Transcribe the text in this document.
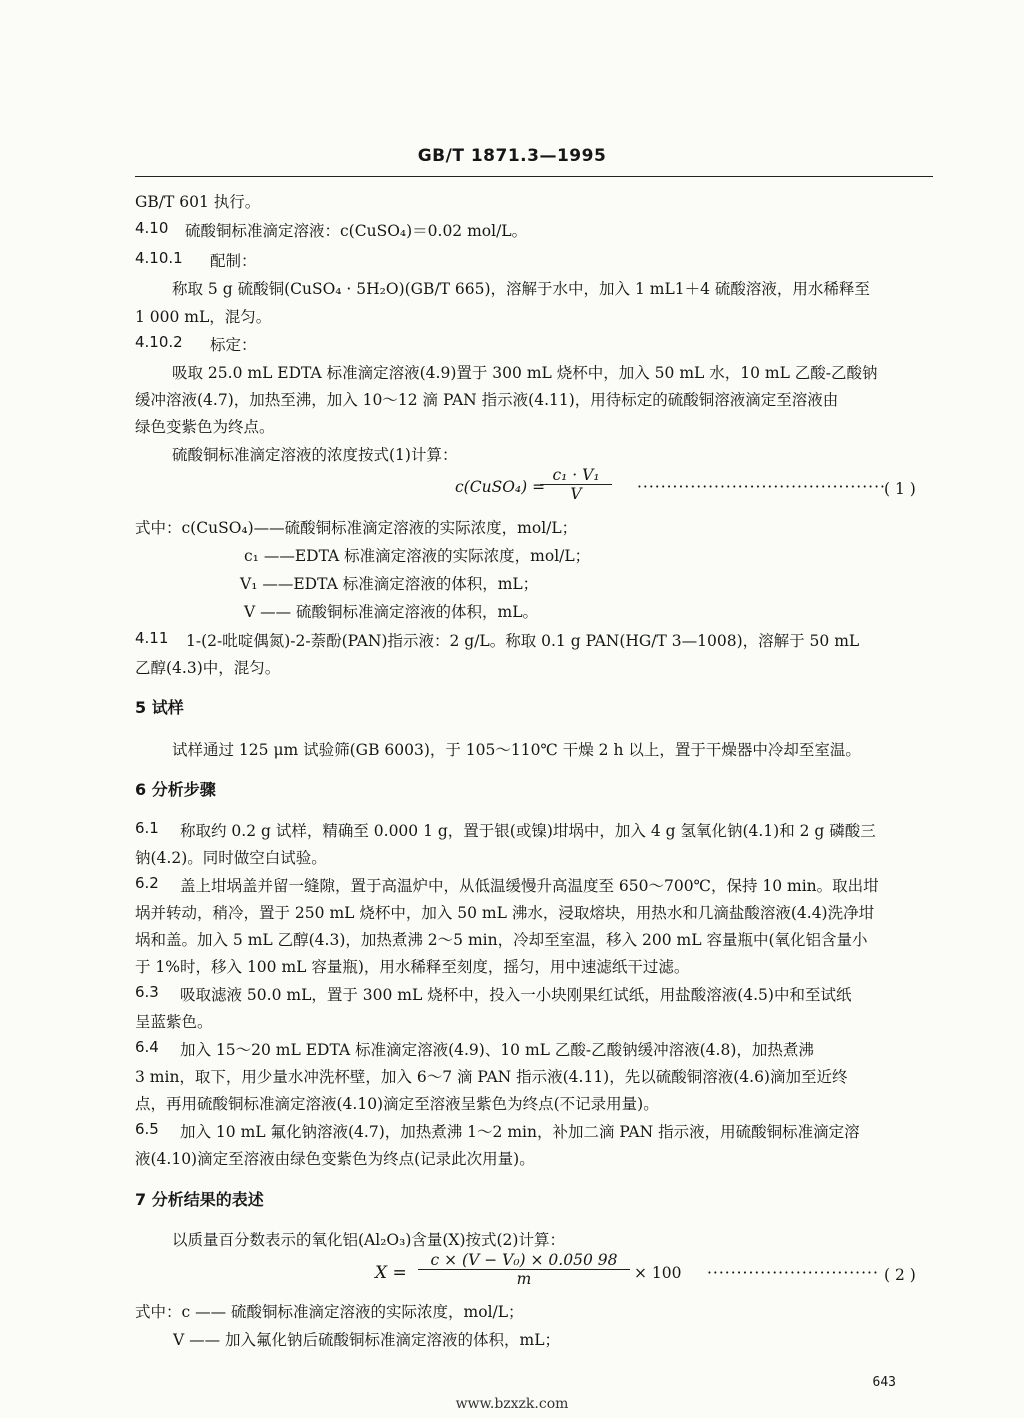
GB/T 1871.3—1995
GB/T 601 执行。
4.10 硫酸铜标准滴定溶液：c(CuSO₄)＝0.02 mol/L。
4.10.1 配制：
称取 5 g 硫酸铜(CuSO₄ · 5H₂O)(GB/T 665)，溶解于水中，加入 1 mL1＋4 硫酸溶液，用水稀释至
1 000 mL，混匀。
4.10.2 标定：
吸取 25.0 mL EDTA 标准滴定溶液(4.9)置于 300 mL 烧杯中，加入 50 mL 水，10 mL 乙酸-乙酸钠
缓冲溶液(4.7)，加热至沸，加入 10～12 滴 PAN 指示液(4.11)，用待标定的硫酸铜溶液滴定至溶液由
绿色变紫色为终点。
硫酸铜标准滴定溶液的浓度按式(1)计算：
c(CuSO₄) =
c₁ · V₁
V	··········································
( 1 )
式中：c(CuSO₄)——硫酸铜标准滴定溶液的实际浓度，mol/L；
c₁ ——EDTA 标准滴定溶液的实际浓度，mol/L；
V₁ ——EDTA 标准滴定溶液的体积，mL；
V —— 硫酸铜标准滴定溶液的体积，mL。
4.11 1-(2-吡啶偶氮)-2-萘酚(PAN)指示液：2 g/L。称取 0.1 g PAN(HG/T 3—1008)，溶解于 50 mL
乙醇(4.3)中，混匀。
5 试样
试样通过 125 μm 试验筛(GB 6003)，于 105～110℃ 干燥 2 h 以上，置于干燥器中冷却至室温。
6 分析步骤
6.1 称取约 0.2 g 试样，精确至 0.000 1 g，置于银(或镍)坩埚中，加入 4 g 氢氧化钠(4.1)和 2 g 磷酸三
钠(4.2)。同时做空白试验。
6.2 盖上坩埚盖并留一缝隙，置于高温炉中，从低温缓慢升高温度至 650～700℃，保持 10 min。取出坩
埚并转动，稍冷，置于 250 mL 烧杯中，加入 50 mL 沸水，浸取熔块，用热水和几滴盐酸溶液(4.4)洗净坩
埚和盖。加入 5 mL 乙醇(4.3)，加热煮沸 2～5 min，冷却至室温，移入 200 mL 容量瓶中(氧化铝含量小
于 1%时，移入 100 mL 容量瓶)，用水稀释至刻度，摇匀，用中速滤纸干过滤。
6.3 吸取滤液 50.0 mL，置于 300 mL 烧杯中，投入一小块刚果红试纸，用盐酸溶液(4.5)中和至试纸
呈蓝紫色。
6.4 加入 15～20 mL EDTA 标准滴定溶液(4.9)、10 mL 乙酸-乙酸钠缓冲溶液(4.8)，加热煮沸
3 min，取下，用少量水冲洗杯壁，加入 6～7 滴 PAN 指示液(4.11)，先以硫酸铜溶液(4.6)滴加至近终
点，再用硫酸铜标准滴定溶液(4.10)滴定至溶液呈紫色为终点(不记录用量)。
6.5 加入 10 mL 氟化钠溶液(4.7)，加热煮沸 1～2 min，补加二滴 PAN 指示液，用硫酸铜标准滴定溶
液(4.10)滴定至溶液由绿色变紫色为终点(记录此次用量)。
7 分析结果的表述
以质量百分数表示的氧化铝(Al₂O₃)含量(X)按式(2)计算：
X =
c × (V − V₀) × 0.050 98
m	× 100 ····························· ( 2 )
式中：c —— 硫酸铜标准滴定溶液的实际浓度，mol/L；
V —— 加入氟化钠后硫酸铜标准滴定溶液的体积，mL；
643
www.bzxzk.com
